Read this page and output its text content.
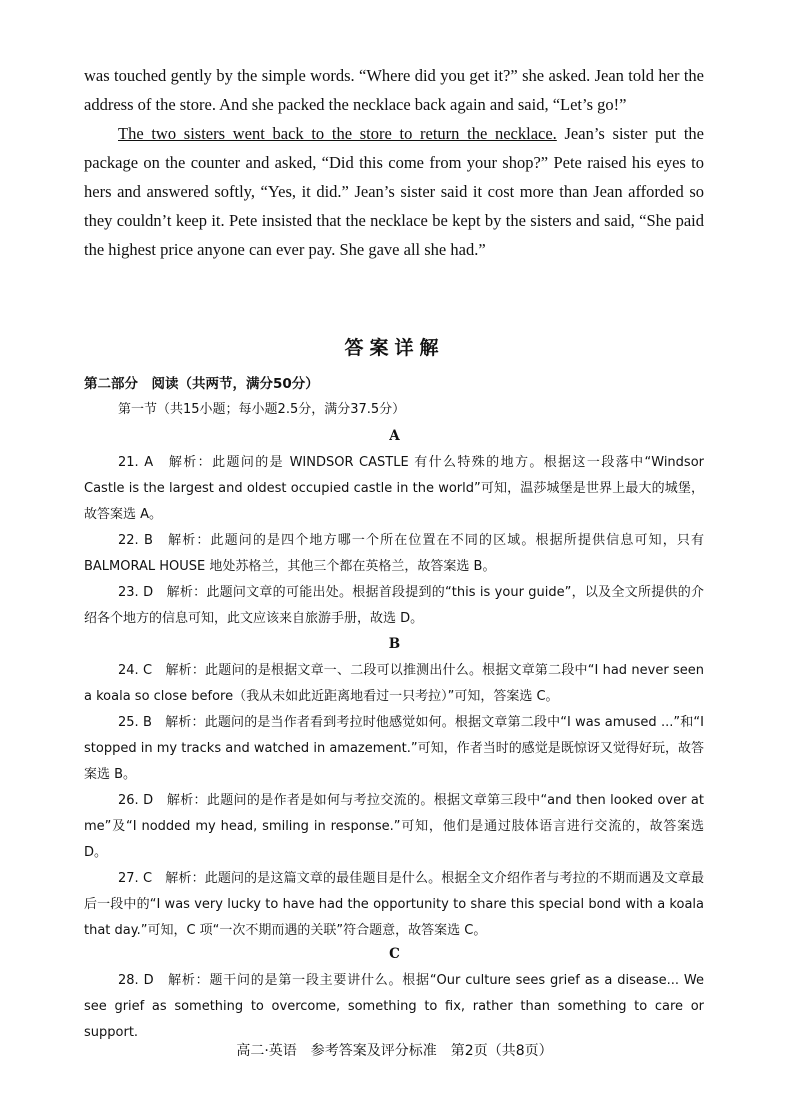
was touched gently by the simple words. “Where did you get it?” she asked. Jean told her the address of the store. And she packed the necklace back again and said, “Let’s go!”

The two sisters went back to the store to return the necklace. Jean’s sister put the package on the counter and asked, “Did this come from your shop?” Pete raised his eyes to hers and answered softly, “Yes, it did.” Jean’s sister said it cost more than Jean afforded so they couldn’t keep it. Pete insisted that the necklace be kept by the sisters and said, “She paid the highest price anyone can ever pay. She gave all she had.”

答案详解
第二部分　阅读（共两节，满分50分）
第一节（共15小题；每小题2.5分，满分37.5分）
A
21. A　解析：此题问的是 WINDSOR CASTLE 有什么特殊的地方。根据这一段落中“Windsor Castle is the largest and oldest occupied castle in the world”可知，温莎城堡是世界上最大的城堡，故答案选 A。
22. B　解析：此题问的是四个地方哪一个所在位置在不同的区域。根据所提供信息可知，只有 BALMORAL HOUSE 地处苏格兰，其他三个都在英格兰，故答案选 B。
23. D　解析：此题问文章的可能出处。根据首段提到的“this is your guide”，以及全文所提供的介绍各个地方的信息可知，此文应该来自旅游手册，故选 D。
B
24. C　解析：此题问的是根据文章一、二段可以推测出什么。根据文章第二段中“I had never seen a koala so close before（我从未如此近距离地看过一只考拉）”可知，答案选 C。
25. B　解析：此题问的是当作者看到考拉时他感觉如何。根据文章第二段中“I was amused ...”和“I stopped in my tracks and watched in amazement.”可知，作者当时的感觉是既惊讶又觉得好玩，故答案选 B。
26. D　解析：此题问的是作者是如何与考拉交流的。根据文章第三段中“and then looked over at me”及“I nodded my head, smiling in response.”可知，他们是通过肢体语言进行交流的，故答案选 D。
27. C　解析：此题问的是这篇文章的最佳题目是什么。根据全文介绍作者与考拉的不期而遇及文章最后一段中的“I was very lucky to have had the opportunity to share this special bond with a koala that day.”可知，C 项“一次不期而遇的关联”符合题意，故答案选 C。
C
28. D　解析：题干问的是第一段主要讲什么。根据“Our culture sees grief as a disease... We see grief as something to overcome, something to fix, rather than something to care or support.
高二·英语　参考答案及评分标准　第2页（共8页）
